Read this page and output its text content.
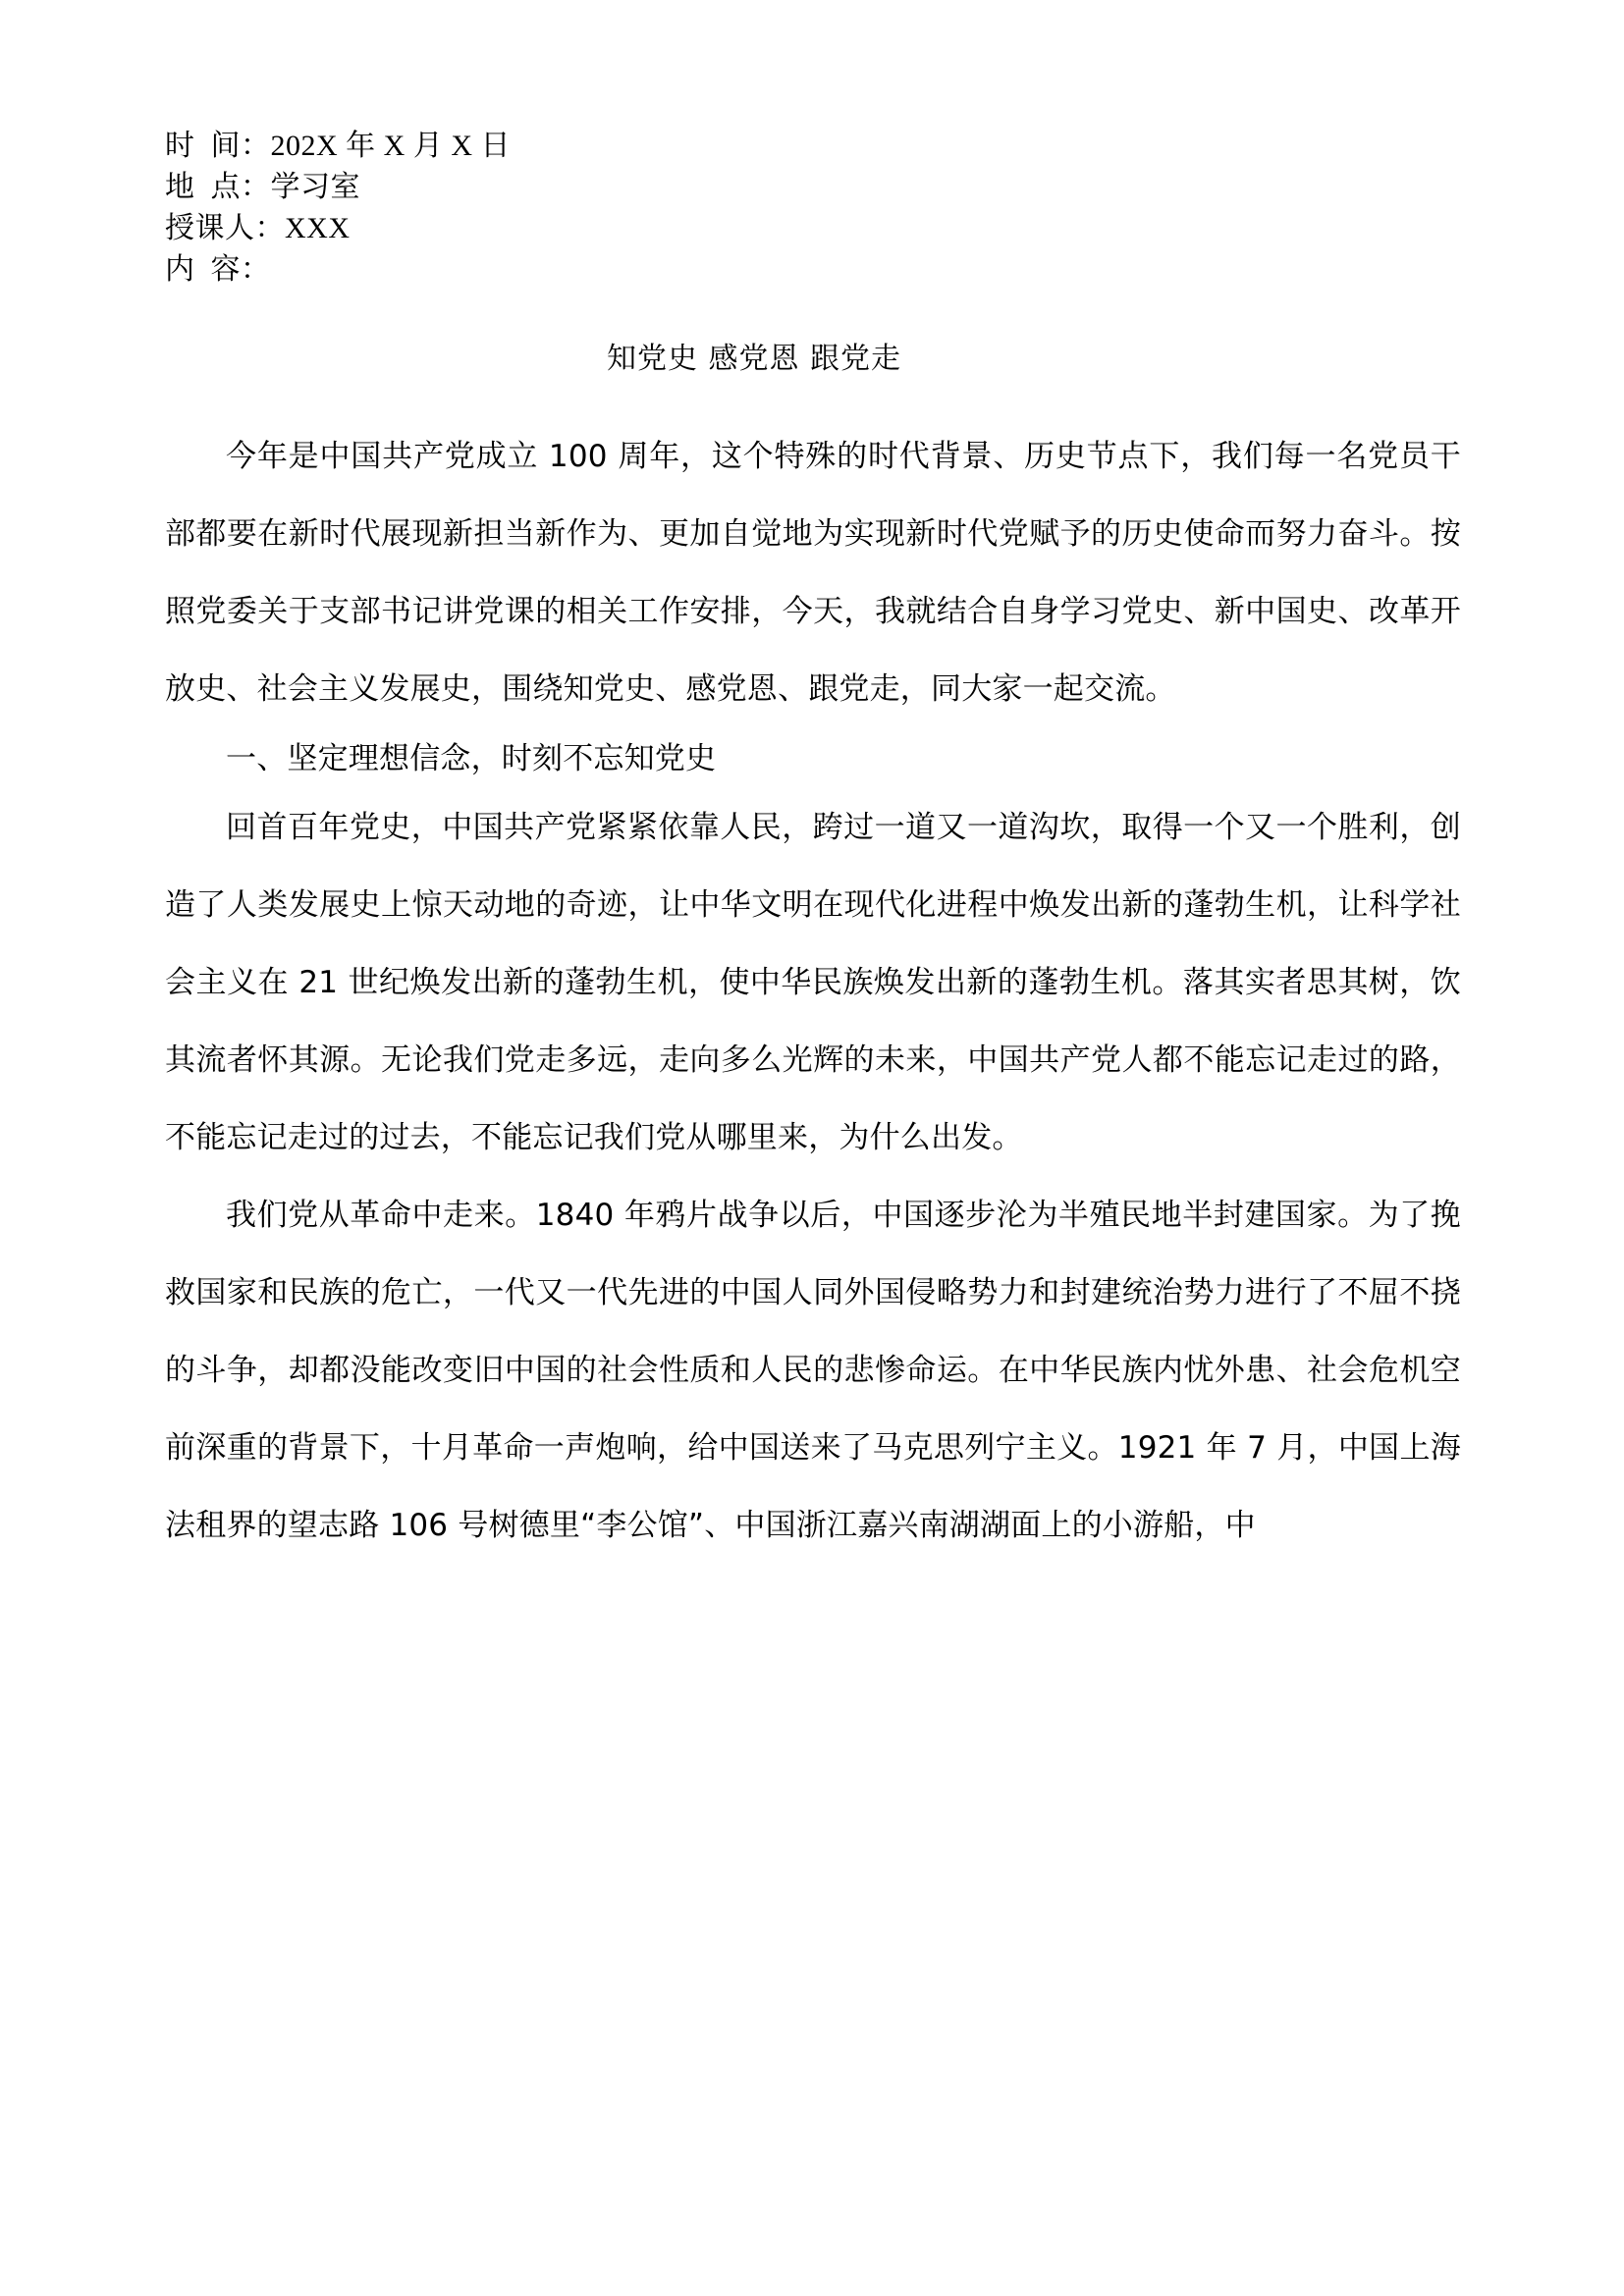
时  间：202X 年 X 月 X 日
地  点：学习室
授课人：XXX
内  容：
知党史 感党恩 跟党走

今年是中国共产党成立 100 周年，这个特殊的时代背景、历史节点下，我们每一名党员干部都要在新时代展现新担当新作为、更加自觉地为实现新时代党赋予的历史使命而努力奋斗。按照党委关于支部书记讲党课的相关工作安排，今天，我就结合自身学习党史、新中国史、改革开放史、社会主义发展史，围绕知党史、感党恩、跟党走，同大家一起交流。

一、坚定理想信念，时刻不忘知党史

回首百年党史，中国共产党紧紧依靠人民，跨过一道又一道沟坎，取得一个又一个胜利，创造了人类发展史上惊天动地的奇迹，让中华文明在现代化进程中焕发出新的蓬勃生机，让科学社会主义在 21 世纪焕发出新的蓬勃生机，使中华民族焕发出新的蓬勃生机。落其实者思其树，饮其流者怀其源。无论我们党走多远，走向多么光辉的未来，中国共产党人都不能忘记走过的路，不能忘记走过的过去，不能忘记我们党从哪里来，为什么出发。

我们党从革命中走来。1840 年鸦片战争以后，中国逐步沦为半殖民地半封建国家。为了挽救国家和民族的危亡，一代又一代先进的中国人同外国侵略势力和封建统治势力进行了不屈不挠的斗争，却都没能改变旧中国的社会性质和人民的悲惨命运。在中华民族内忧外患、社会危机空前深重的背景下，十月革命一声炮响，给中国送来了马克思列宁主义。1921 年 7 月，中国上海法租界的望志路 106 号树德里“李公馆”、中国浙江嘉兴南湖湖面上的小游船，中
